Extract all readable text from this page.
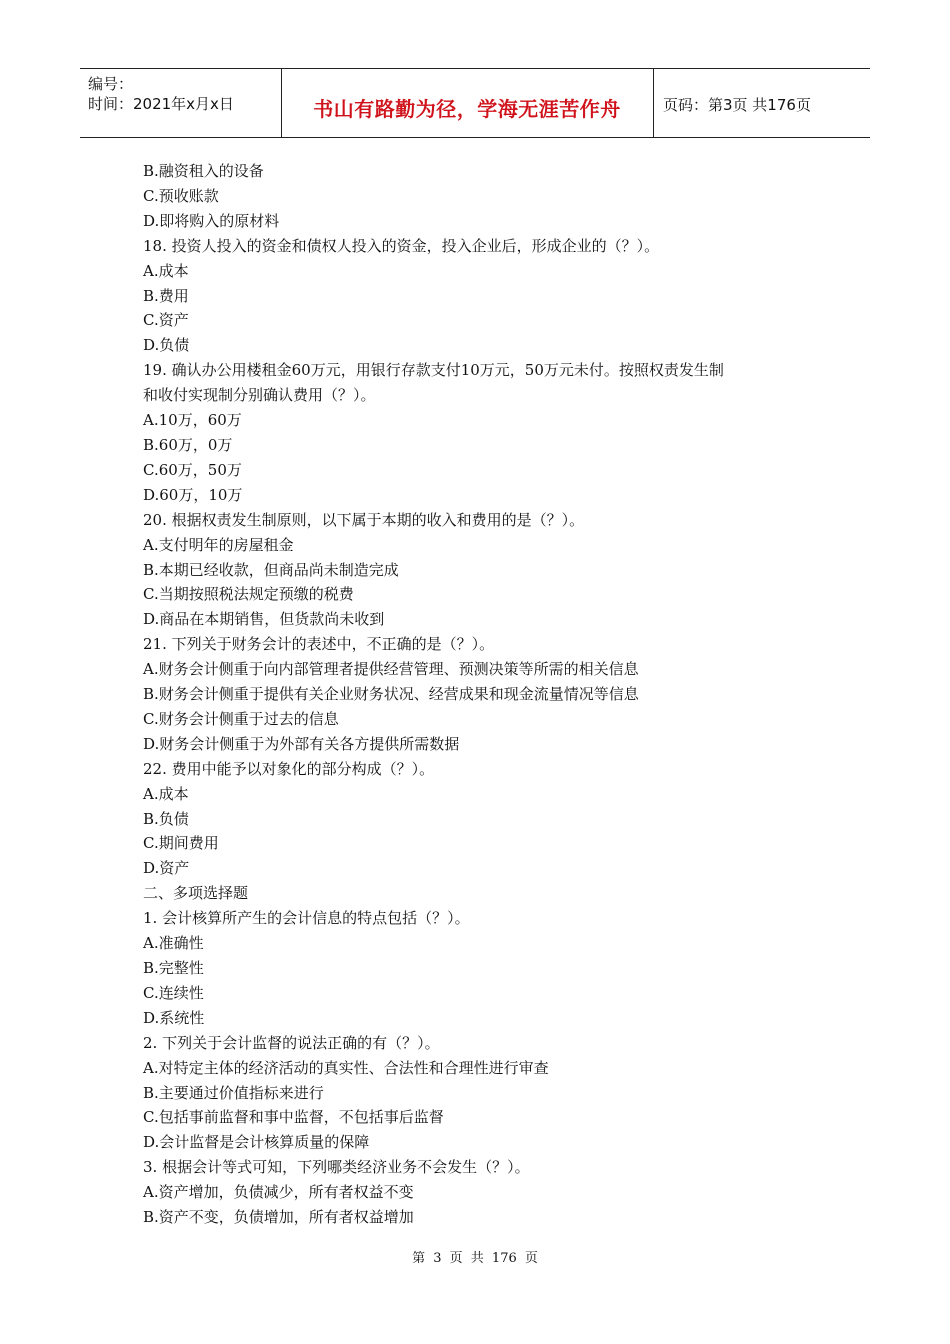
编号：
时间：2021年x月x日	书山有路勤为径，学海无涯苦作舟	页码：第3页 共176页
B.融资租入的设备
C.预收账款
D.即将购入的原材料
18. 投资人投入的资金和债权人投入的资金，投入企业后，形成企业的（？）。
A.成本
B.费用
C.资产
D.负债
19. 确认办公用楼租金60万元，用银行存款支付10万元，50万元未付。按照权责发生制
和收付实现制分别确认费用（？）。
A.10万，60万
B.60万，0万
C.60万，50万
D.60万，10万
20. 根据权责发生制原则，以下属于本期的收入和费用的是（？）。
A.支付明年的房屋租金
B.本期已经收款，但商品尚未制造完成
C.当期按照税法规定预缴的税费
D.商品在本期销售，但货款尚未收到
21. 下列关于财务会计的表述中，不正确的是（？）。
A.财务会计侧重于向内部管理者提供经营管理、预测决策等所需的相关信息
B.财务会计侧重于提供有关企业财务状况、经营成果和现金流量情况等信息
C.财务会计侧重于过去的信息
D.财务会计侧重于为外部有关各方提供所需数据
22. 费用中能予以对象化的部分构成（？）。
A.成本
B.负债
C.期间费用
D.资产
二、多项选择题
1. 会计核算所产生的会计信息的特点包括（？）。
A.准确性
B.完整性
C.连续性
D.系统性
2. 下列关于会计监督的说法正确的有（？）。
A.对特定主体的经济活动的真实性、合法性和合理性进行审查
B.主要通过价值指标来进行
C.包括事前监督和事中监督，不包括事后监督
D.会计监督是会计核算质量的保障
3. 根据会计等式可知，下列哪类经济业务不会发生（？）。
A.资产增加，负债减少，所有者权益不变
B.资产不变，负债增加，所有者权益增加
第 3 页 共 176 页
